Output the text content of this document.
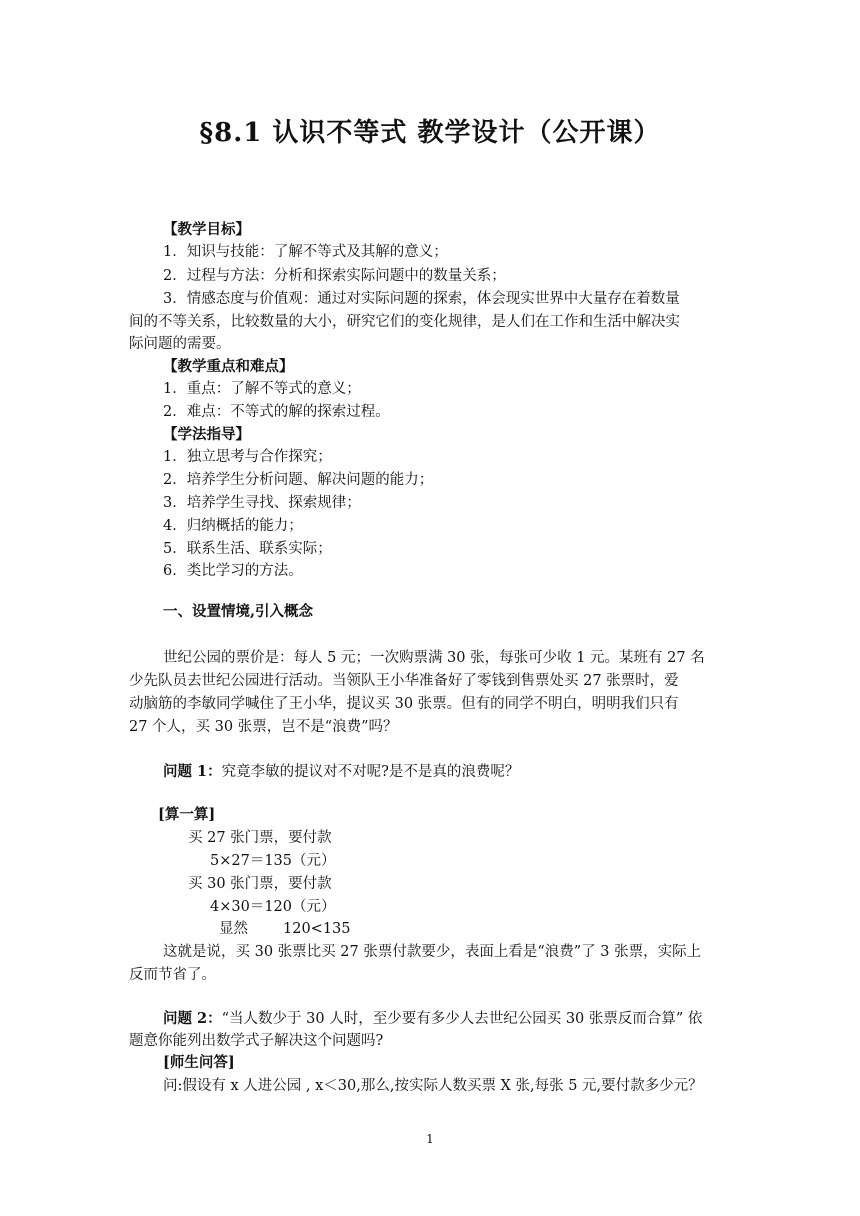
§8.1 认识不等式 教学设计（公开课）
【教学目标】
1．知识与技能：了解不等式及其解的意义；
2．过程与方法：分析和探索实际问题中的数量关系；
3．情感态度与价值观：通过对实际问题的探索，体会现实世界中大量存在着数量
间的不等关系，比较数量的大小，研究它们的变化规律，是人们在工作和生活中解决实
际问题的需要。
【教学重点和难点】
1．重点：了解不等式的意义；
2．难点：不等式的解的探索过程。
【学法指导】
1．独立思考与合作探究；
2．培养学生分析问题、解决问题的能力；
3．培养学生寻找、探索规律；
4．归纳概括的能力；
5．联系生活、联系实际；
6．类比学习的方法。
一、设置情境,引入概念
世纪公园的票价是：每人 5 元；一次购票满 30 张，每张可少收 1 元。某班有 27 名
少先队员去世纪公园进行活动。当领队王小华准备好了零钱到售票处买 27 张票时，爱
动脑筋的李敏同学喊住了王小华，提议买 30 张票。但有的同学不明白，明明我们只有
27 个人，买 30 张票，岂不是“浪费”吗？
问题 1：究竟李敏的提议对不对呢?是不是真的浪费呢？
[算一算]
买 27 张门票，要付款
5×27＝135（元）
买 30 张门票，要付款
4×30＝120（元）
显然 120<135
这就是说，买 30 张票比买 27 张票付款要少，表面上看是“浪费”了 3 张票，实际上
反而节省了。
问题 2：“当人数少于 30 人时，至少要有多少人去世纪公园买 30 张票反而合算” 依
题意你能列出数学式子解决这个问题吗?
[师生问答]
问:假设有 x 人进公园 , x＜30,那么,按实际人数买票 X 张,每张 5 元,要付款多少元？
1
